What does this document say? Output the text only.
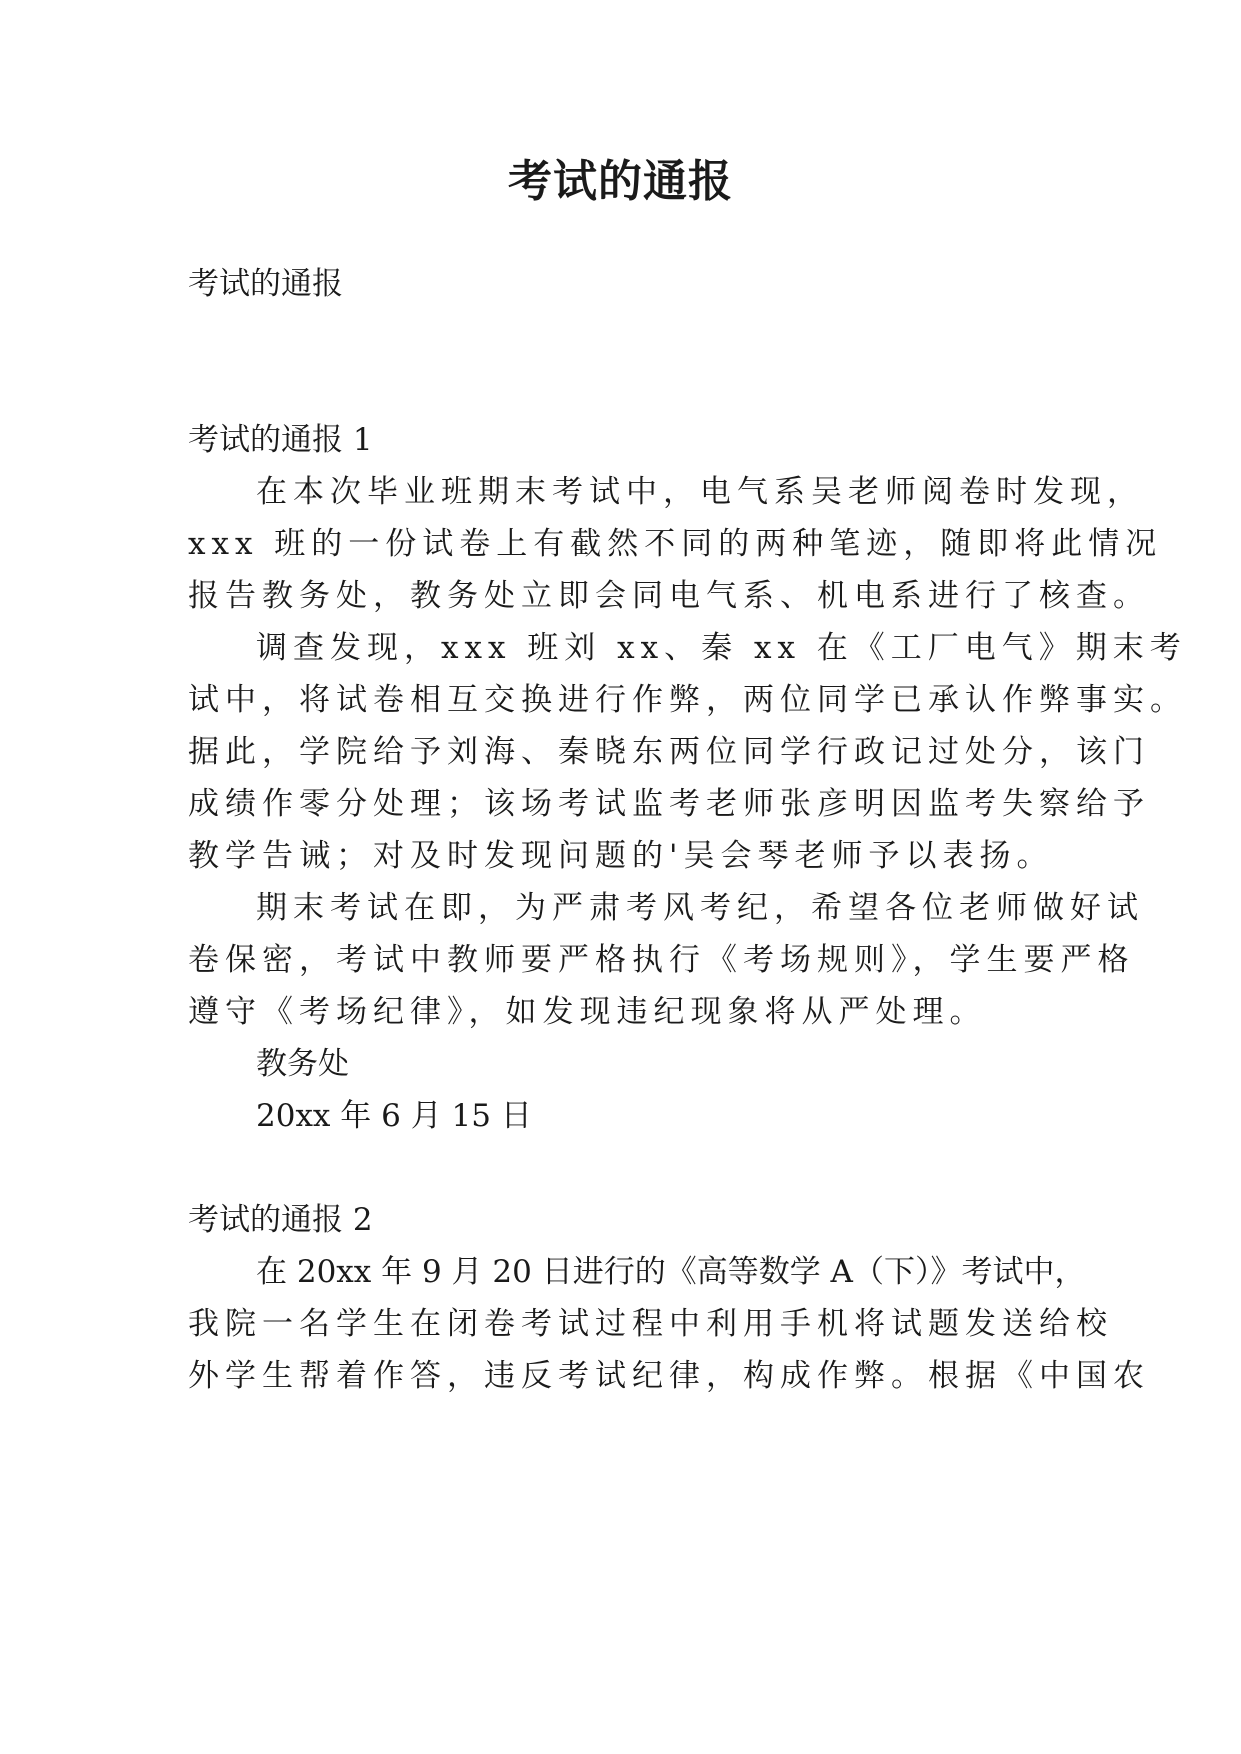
考试的通报
考试的通报
考试的通报 1
在本次毕业班期末考试中，电气系吴老师阅卷时发现，
xxx 班的一份试卷上有截然不同的两种笔迹，随即将此情况
报告教务处，教务处立即会同电气系、机电系进行了核查。
调查发现，xxx 班刘 xx、秦 xx 在《工厂电气》期末考
试中，将试卷相互交换进行作弊，两位同学已承认作弊事实。
据此，学院给予刘海、秦晓东两位同学行政记过处分，该门
成绩作零分处理；该场考试监考老师张彦明因监考失察给予
教学告诫；对及时发现问题的'吴会琴老师予以表扬。
期末考试在即，为严肃考风考纪，希望各位老师做好试
卷保密，考试中教师要严格执行《考场规则》，学生要严格
遵守《考场纪律》，如发现违纪现象将从严处理。
教务处
20xx 年 6 月 15 日
考试的通报 2
在 20xx 年 9 月 20 日进行的《高等数学 A（下）》考试中，
我院一名学生在闭卷考试过程中利用手机将试题发送给校
外学生帮着作答，违反考试纪律，构成作弊。根据《中国农
